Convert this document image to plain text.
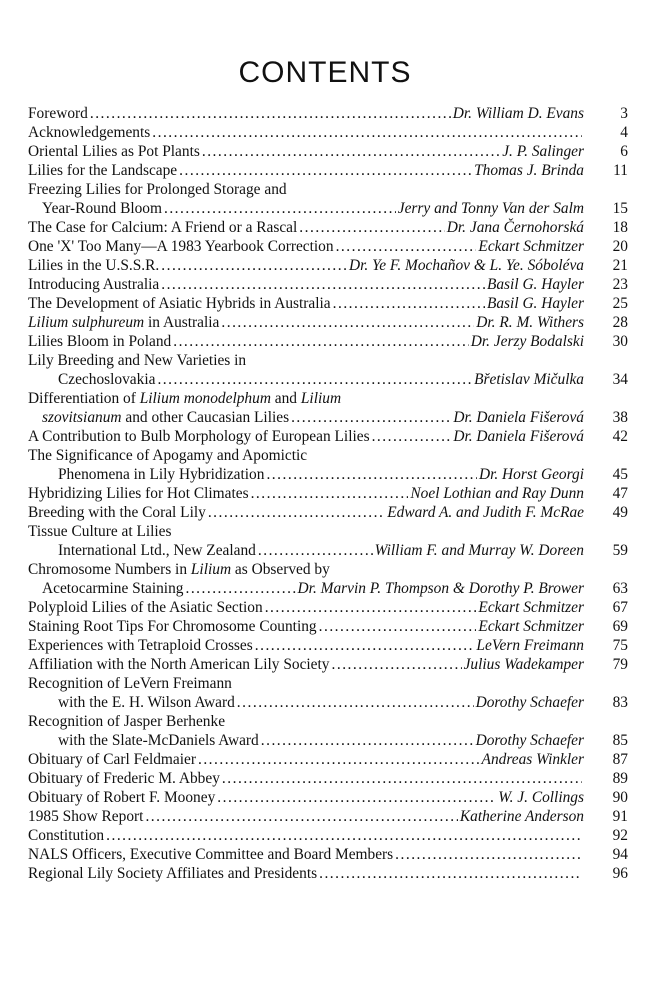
CONTENTS
Foreword .....	Dr. William D. Evans	3
Acknowledgements .....	4
Oriental Lilies as Pot Plants .....	J. P. Salinger	6
Lilies for the Landscape .....	Thomas J. Brinda	11
Freezing Lilies for Prolonged Storage and
Year-Round Bloom .....	Jerry and Tonny Van der Salm	15
The Case for Calcium: A Friend or a Rascal .....	Dr. Jana Černohorská	18
One 'X' Too Many—A 1983 Yearbook Correction .....	Eckart Schmitzer	20
Lilies in the U.S.S.R. .....	Dr. Ye F. Mochañov & L. Ye. Sóboléva	21
Introducing Australia .....	Basil G. Hayler	23
The Development of Asiatic Hybrids in Australia .....	Basil G. Hayler	25
Lilium sulphureum in Australia .....	Dr. R. M. Withers	28
Lilies Bloom in Poland .....	Dr. Jerzy Bodalski	30
Lily Breeding and New Varieties in
Czechoslovakia .....	Břetislav Mičulka	34
Differentiation of Lilium monodelphum and Lilium
szovitsianum and other Caucasian Lilies .....	Dr. Daniela Fišerová	38
A Contribution to Bulb Morphology of European Lilies .....	Dr. Daniela Fišerová	42
The Significance of Apogamy and Apomictic
Phenomena in Lily Hybridization .....	Dr. Horst Georgi	45
Hybridizing Lilies for Hot Climates .....	Noel Lothian and Ray Dunn	47
Breeding with the Coral Lily .....	Edward A. and Judith F. McRae	49
Tissue Culture at Lilies
International Ltd., New Zealand .....	William F. and Murray W. Doreen	59
Chromosome Numbers in Lilium as Observed by
Acetocarmine Staining .....	Dr. Marvin P. Thompson & Dorothy P. Brower	63
Polyploid Lilies of the Asiatic Section .....	Eckart Schmitzer	67
Staining Root Tips For Chromosome Counting .....	Eckart Schmitzer	69
Experiences with Tetraploid Crosses .....	LeVern Freimann	75
Affiliation with the North American Lily Society .....	Julius Wadekamper	79
Recognition of LeVern Freimann
with the E. H. Wilson Award .....	Dorothy Schaefer	83
Recognition of Jasper Berhenke
with the Slate-McDaniels Award .....	Dorothy Schaefer	85
Obituary of Carl Feldmaier .....	Andreas Winkler	87
Obituary of Frederic M. Abbey .....	89
Obituary of Robert F. Mooney .....	W. J. Collings	90
1985 Show Report .....	Katherine Anderson	91
Constitution .....	92
NALS Officers, Executive Committee and Board Members .....	94
Regional Lily Society Affiliates and Presidents .....	96
